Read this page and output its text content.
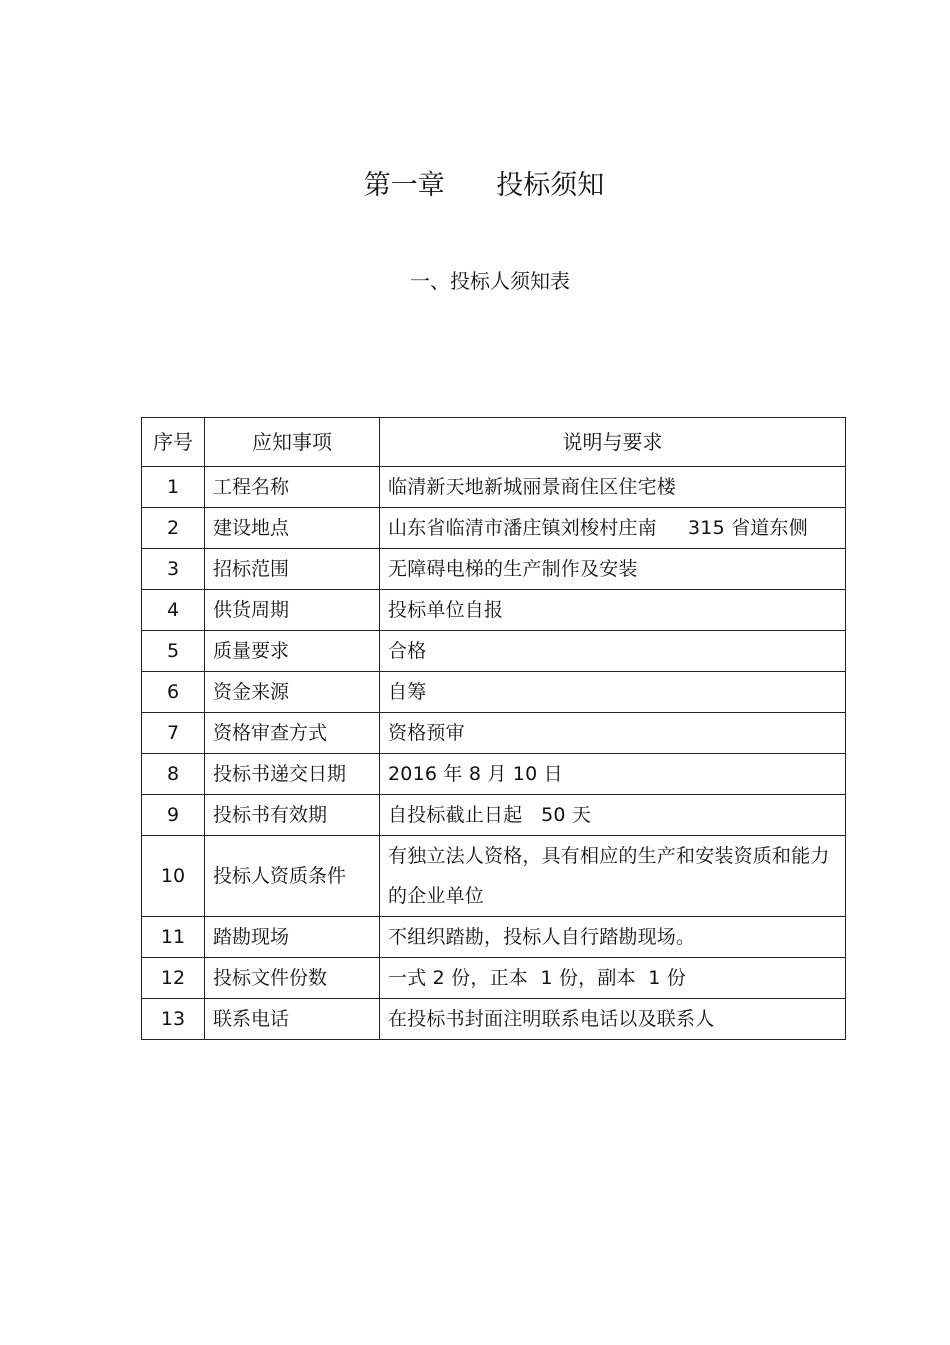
第一章      投标须知
一、投标人须知表
序号	应知事项	说明与要求
1	工程名称	临清新天地新城丽景商住区住宅楼
2	建设地点	山东省临清市潘庄镇刘梭村庄南     315 省道东侧
3	招标范围	无障碍电梯的生产制作及安装
4	供货周期	投标单位自报
5	质量要求	合格
6	资金来源	自筹
7	资格审查方式	资格预审
8	投标书递交日期	2016 年 8 月 10 日
9	投标书有效期	自投标截止日起   50 天
10	投标人资质条件	有独立法人资格，具有相应的生产和安装资质和能力的企业单位
11	踏勘现场	不组织踏勘，投标人自行踏勘现场。
12	投标文件份数	一式 2 份，正本  1 份，副本  1 份
13	联系电话	在投标书封面注明联系电话以及联系人
